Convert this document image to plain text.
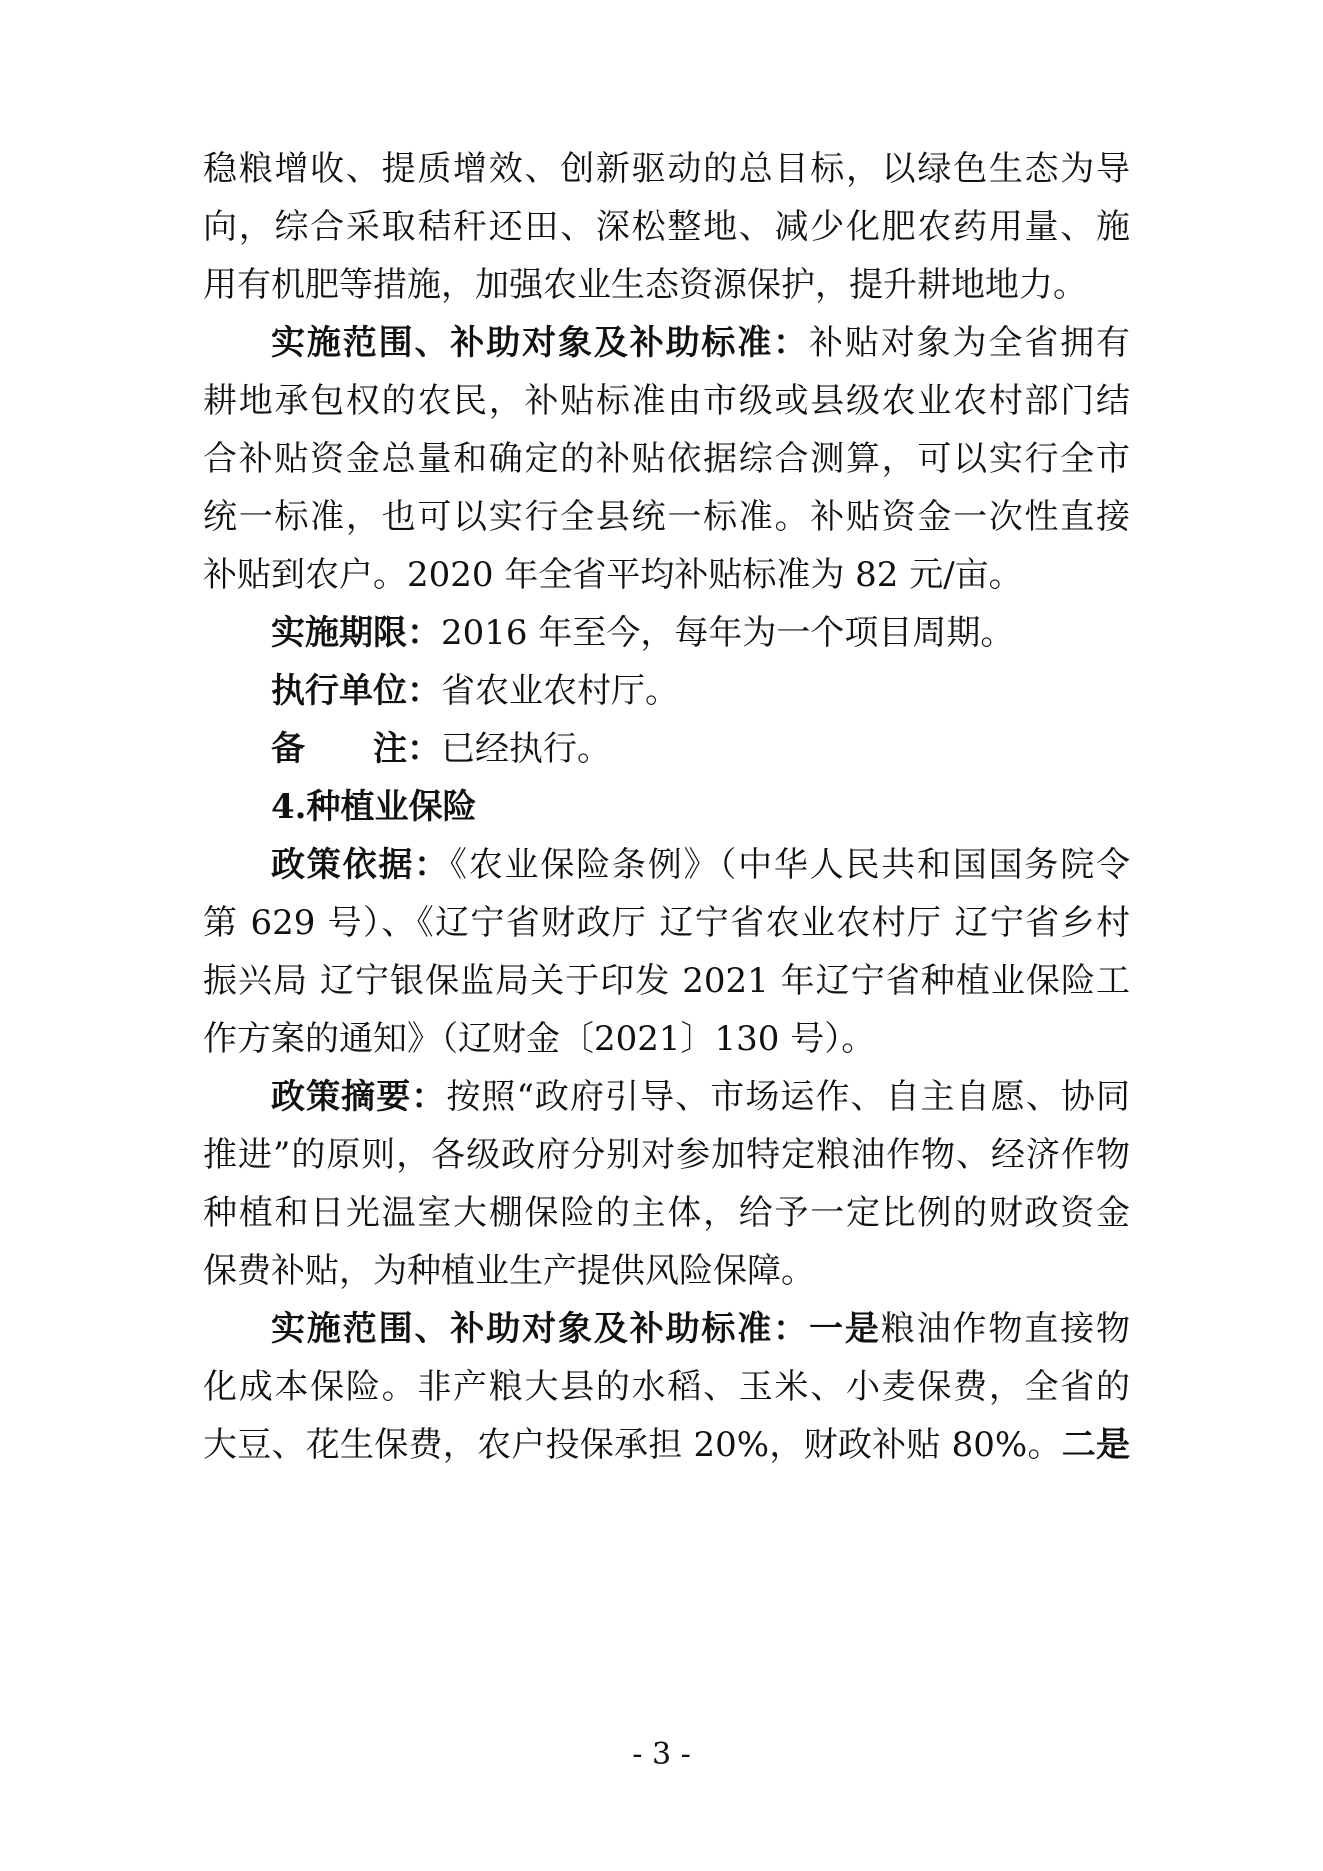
稳粮增收、提质增效、创新驱动的总目标，以绿色生态为导
向，综合采取秸秆还田、深松整地、减少化肥农药用量、施
用有机肥等措施，加强农业生态资源保护，提升耕地地力。
实施范围、补助对象及补助标准：补贴对象为全省拥有
耕地承包权的农民，补贴标准由市级或县级农业农村部门结
合补贴资金总量和确定的补贴依据综合测算，可以实行全市
统一标准，也可以实行全县统一标准。补贴资金一次性直接
补贴到农户。2020 年全省平均补贴标准为 82 元/亩。
实施期限：2016 年至今，每年为一个项目周期。
执行单位：省农业农村厅。
备　　注：已经执行。
4.种植业保险
政策依据：《农业保险条例》（中华人民共和国国务院令
第 629 号）、《辽宁省财政厅 辽宁省农业农村厅 辽宁省乡村
振兴局 辽宁银保监局关于印发 2021 年辽宁省种植业保险工
作方案的通知》（辽财金〔2021〕130 号）。
政策摘要：按照“政府引导、市场运作、自主自愿、协同
推进”的原则，各级政府分别对参加特定粮油作物、经济作物
种植和日光温室大棚保险的主体，给予一定比例的财政资金
保费补贴，为种植业生产提供风险保障。
实施范围、补助对象及补助标准：一是粮油作物直接物
化成本保险。非产粮大县的水稻、玉米、小麦保费，全省的
大豆、花生保费，农户投保承担 20%，财政补贴 80%。二是
- 3 -
